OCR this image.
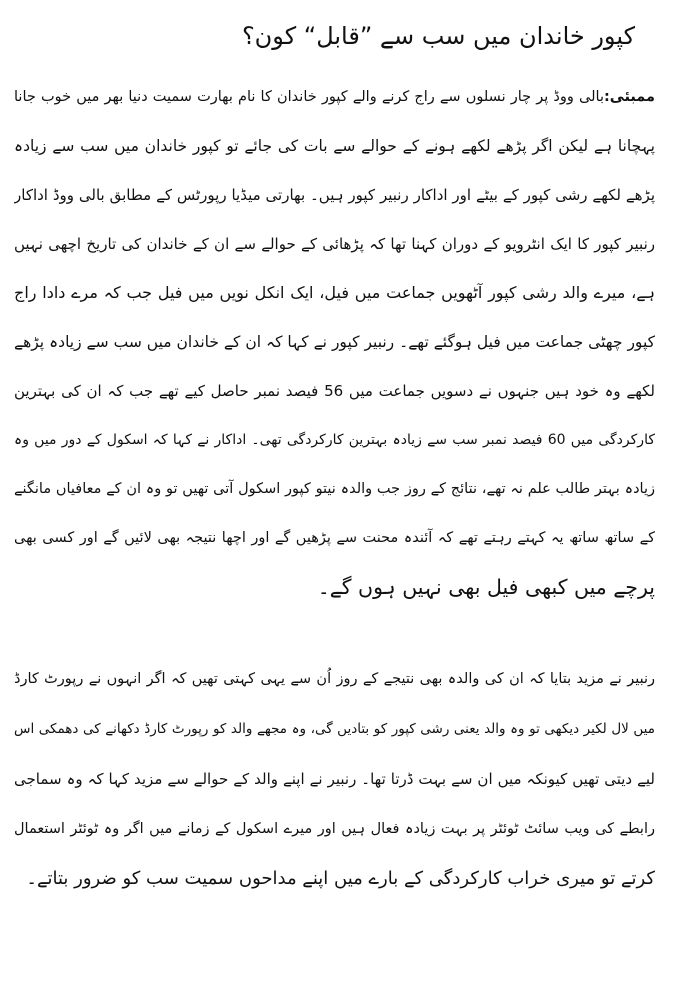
کپور خاندان میں سب سے ”قابل“ کون؟
ممبئی:بالی ووڈ پر چار نسلوں سے راج کرنے والے کپور خاندان کا نام بھارت سمیت دنیا بھر میں خوب جانا
پہچانا ہے لیکن اگر پڑھے لکھے ہونے کے حوالے سے بات کی جائے تو کپور خاندان میں سب سے زیادہ
پڑھے لکھے رشی کپور کے بیٹے اور اداکار رنبیر کپور ہیں۔ بھارتی میڈیا رپورٹس کے مطابق بالی ووڈ اداکار
رنبیر کپور کا ایک انٹرویو کے دوران کہنا تھا کہ پڑھائی کے حوالے سے ان کے خاندان کی تاریخ اچھی نہیں
ہے، میرے والد رشی کپور آٹھویں جماعت میں فیل، ایک انکل نویں میں فیل جب کہ مرے دادا راج
کپور چھٹی جماعت میں فیل ہوگئے تھے۔ رنبیر کپور نے کہا کہ ان کے خاندان میں سب سے زیادہ پڑھے
لکھے وہ خود ہیں جنہوں نے دسویں جماعت میں 56 فیصد نمبر حاصل کیے تھے جب کہ ان کی بہترین
کارکردگی میں 60 فیصد نمبر سب سے زیادہ بہترین کارکردگی تھی۔ اداکار نے کہا کہ اسکول کے دور میں وہ
زیادہ بہتر طالب علم نہ تھے، نتائج کے روز جب والدہ نیتو کپور اسکول آتی تھیں تو وہ ان کے معافیاں مانگنے
کے ساتھ ساتھ یہ کہتے رہتے تھے کہ آئندہ محنت سے پڑھیں گے اور اچھا نتیجہ بھی لائیں گے اور کسی بھی
پرچے میں کبھی فیل بھی نہیں ہوں گے۔
رنبیر نے مزید بتایا کہ ان کی والدہ بھی نتیجے کے روز اُن سے یہی کہتی تھیں کہ اگر انہوں نے رپورٹ کارڈ
میں لال لکیر دیکھی تو وہ والد یعنی رشی کپور کو بتادیں گی، وہ مجھے والد کو رپورٹ کارڈ دکھانے کی دھمکی اس
لیے دیتی تھیں کیونکہ میں ان سے بہت ڈرتا تھا۔ رنبیر نے اپنے والد کے حوالے سے مزید کہا کہ وہ سماجی
رابطے کی ویب سائٹ ٹوئٹر پر بہت زیادہ فعال ہیں اور میرے اسکول کے زمانے میں اگر وہ ٹوئٹر استعمال
کرتے تو میری خراب کارکردگی کے بارے میں اپنے مداحوں سمیت سب کو ضرور بتاتے۔
